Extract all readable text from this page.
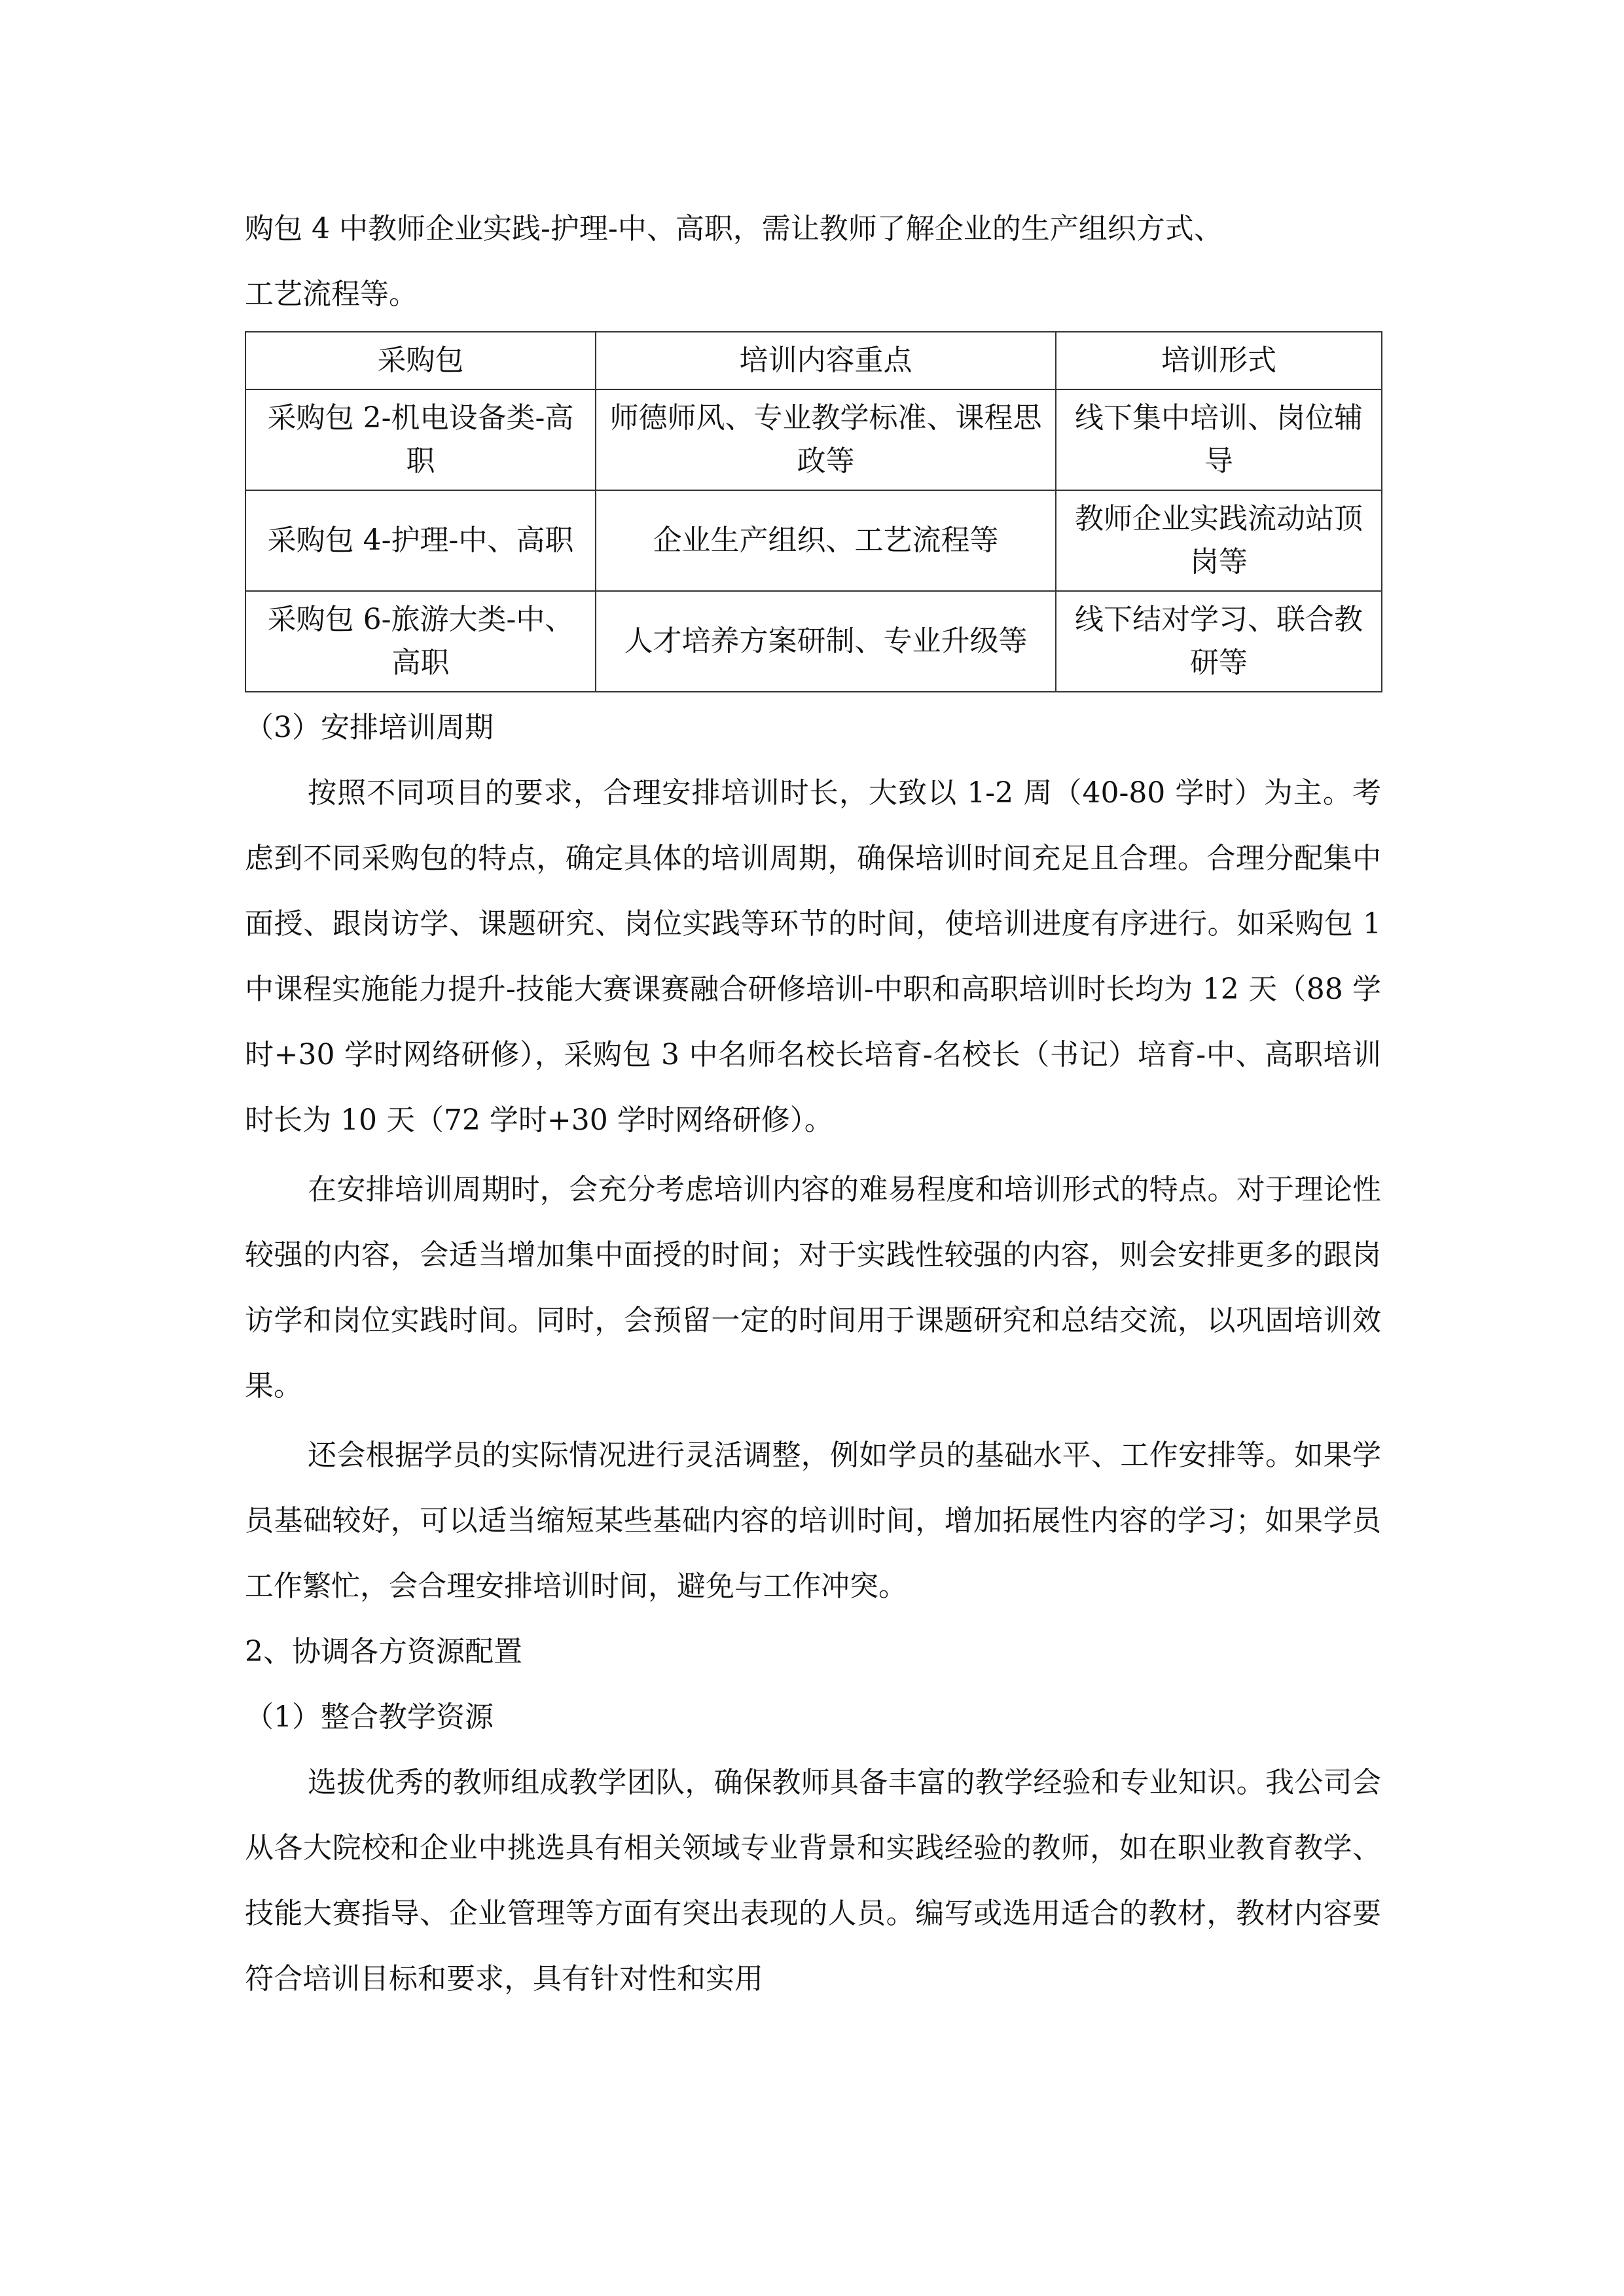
购包 4 中教师企业实践-护理-中、高职，需让教师了解企业的生产组织方式、

工艺流程等。

采购包	培训内容重点	培训形式
采购包 2-机电设备类-高职	师德师风、专业教学标准、课程思政等	线下集中培训、岗位辅导
采购包 4-护理-中、高职	企业生产组织、工艺流程等	教师企业实践流动站顶岗等
采购包 6-旅游大类-中、高职	人才培养方案研制、专业升级等	线下结对学习、联合教研等

（3）安排培训周期

按照不同项目的要求，合理安排培训时长，大致以 1-2 周（40-80 学时）为主。考虑到不同采购包的特点，确定具体的培训周期，确保培训时间充足且合理。合理分配集中面授、跟岗访学、课题研究、岗位实践等环节的时间，使培训进度有序进行。如采购包 1 中课程实施能力提升-技能大赛课赛融合研修培训-中职和高职培训时长均为 12 天（88 学时+30 学时网络研修），采购包 3 中名师名校长培育-名校长（书记）培育-中、高职培训时长为 10 天（72 学时+30 学时网络研修）。

在安排培训周期时，会充分考虑培训内容的难易程度和培训形式的特点。对于理论性较强的内容，会适当增加集中面授的时间；对于实践性较强的内容，则会安排更多的跟岗访学和岗位实践时间。同时，会预留一定的时间用于课题研究和总结交流，以巩固培训效果。

还会根据学员的实际情况进行灵活调整，例如学员的基础水平、工作安排等。如果学员基础较好，可以适当缩短某些基础内容的培训时间，增加拓展性内容的学习；如果学员工作繁忙，会合理安排培训时间，避免与工作冲突。

2、协调各方资源配置

（1）整合教学资源

选拔优秀的教师组成教学团队，确保教师具备丰富的教学经验和专业知识。我公司会从各大院校和企业中挑选具有相关领域专业背景和实践经验的教师，如在职业教育教学、技能大赛指导、企业管理等方面有突出表现的人员。编写或选用适合的教材，教材内容要符合培训目标和要求，具有针对性和实用
